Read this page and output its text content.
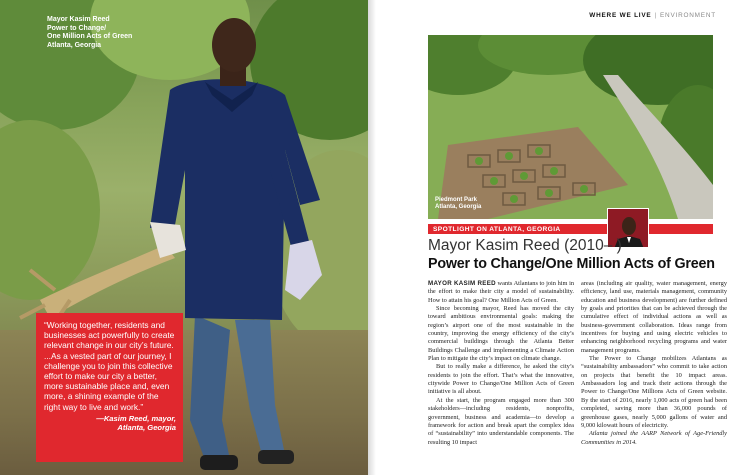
Mayor Kasim Reed
Power to Change/
One Million Acts of Green
Atlanta, Georgia
“Working together, residents and businesses act powerfully to create relevant change in our city’s future. ...As a vested part of our journey, I challenge you to join this collective effort to make our city a better, more sustainable place and, even more, a shining example of the right way to live and work.”
—Kasim Reed, mayor,
Atlanta, Georgia
WHERE WE LIVE | ENVIRONMENT
Piedmont Park
Atlanta, Georgia
SPOTLIGHT ON ATLANTA, GEORGIA
Mayor Kasim Reed (2010– )
Power to Change/One Million Acts of Green

MAYOR KASIM REED wants Atlantans to join him in the effort to make their city a model of sustainability. How to attain his goal? One Million Acts of Green.

Since becoming mayor, Reed has moved the city toward ambitious environmental goals: making the region’s airport one of the most sustainable in the country, improving the energy efficiency of the city’s commercial buildings through the Atlanta Better Buildings Challenge and implementing a Climate Action Plan to mitigate the city’s impact on climate change.

But to really make a difference, he asked the city’s residents to join the effort. That’s what the innovative, citywide Power to Change/One Million Acts of Green initiative is all about.

At the start, the program engaged more than 300 stakeholders—including residents, nonprofits, government, business and academia—to develop a framework for action and break apart the complex idea of “sustainability” into understandable components. The resulting 10 impact

areas (including air quality, water management, energy efficiency, land use, materials management, community education and business development) are further defined by goals and priorities that can be achieved through the cumulative effect of individual actions as well as business-government collaboration. Ideas range from incentives for buying and using electric vehicles to enhancing neighborhood recycling programs and water management programs.

The Power to Change mobilizes Atlantans as “sustainability ambassadors” who commit to take action on projects that benefit the 10 impact areas. Ambassadors log and track their actions through the Power to Change/One Millions Acts of Green website. By the start of 2016, nearly 1,000 acts of green had been completed, saving more than 36,000 pounds of greenhouse gases, nearly 5,000 gallons of water and 9,000 kilowatt hours of electricity.

Atlanta joined the AARP Network of Age-Friendly Communities in 2014.
